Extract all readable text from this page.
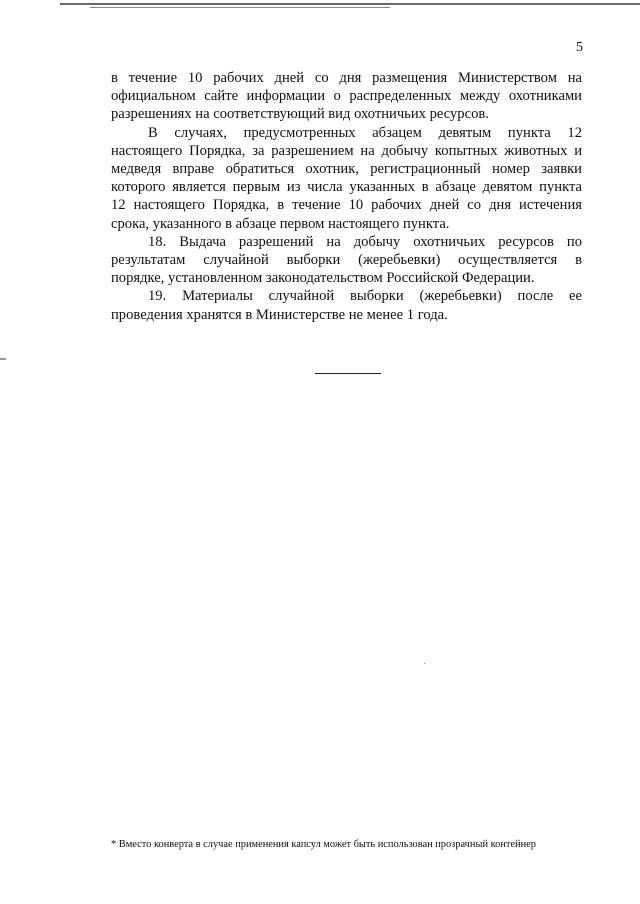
5

в течение 10 рабочих дней со дня размещения Министерством на
официальном сайте информации о распределенных между охотниками
разрешениях на соответствующий вид охотничьих ресурсов.

В случаях, предусмотренных абзацем девятым пункта 12
настоящего Порядка, за разрешением на добычу копытных животных и
медведя вправе обратиться охотник, регистрационный номер заявки
которого является первым из числа указанных в абзаце девятом пункта
12 настоящего Порядка, в течение 10 рабочих дней со дня истечения
срока, указанного в абзаце первом настоящего пункта.

18. Выдача разрешений на добычу охотничьих ресурсов по
результатам случайной выборки (жеребьевки) осуществляется в
порядке, установленном законодательством Российской Федерации.

19. Материалы случайной выборки (жеребьевки) после ее
проведения хранятся в Министерстве не менее 1 года.

* Вместо конверта в случае применения капсул может быть использован прозрачный контейнер
